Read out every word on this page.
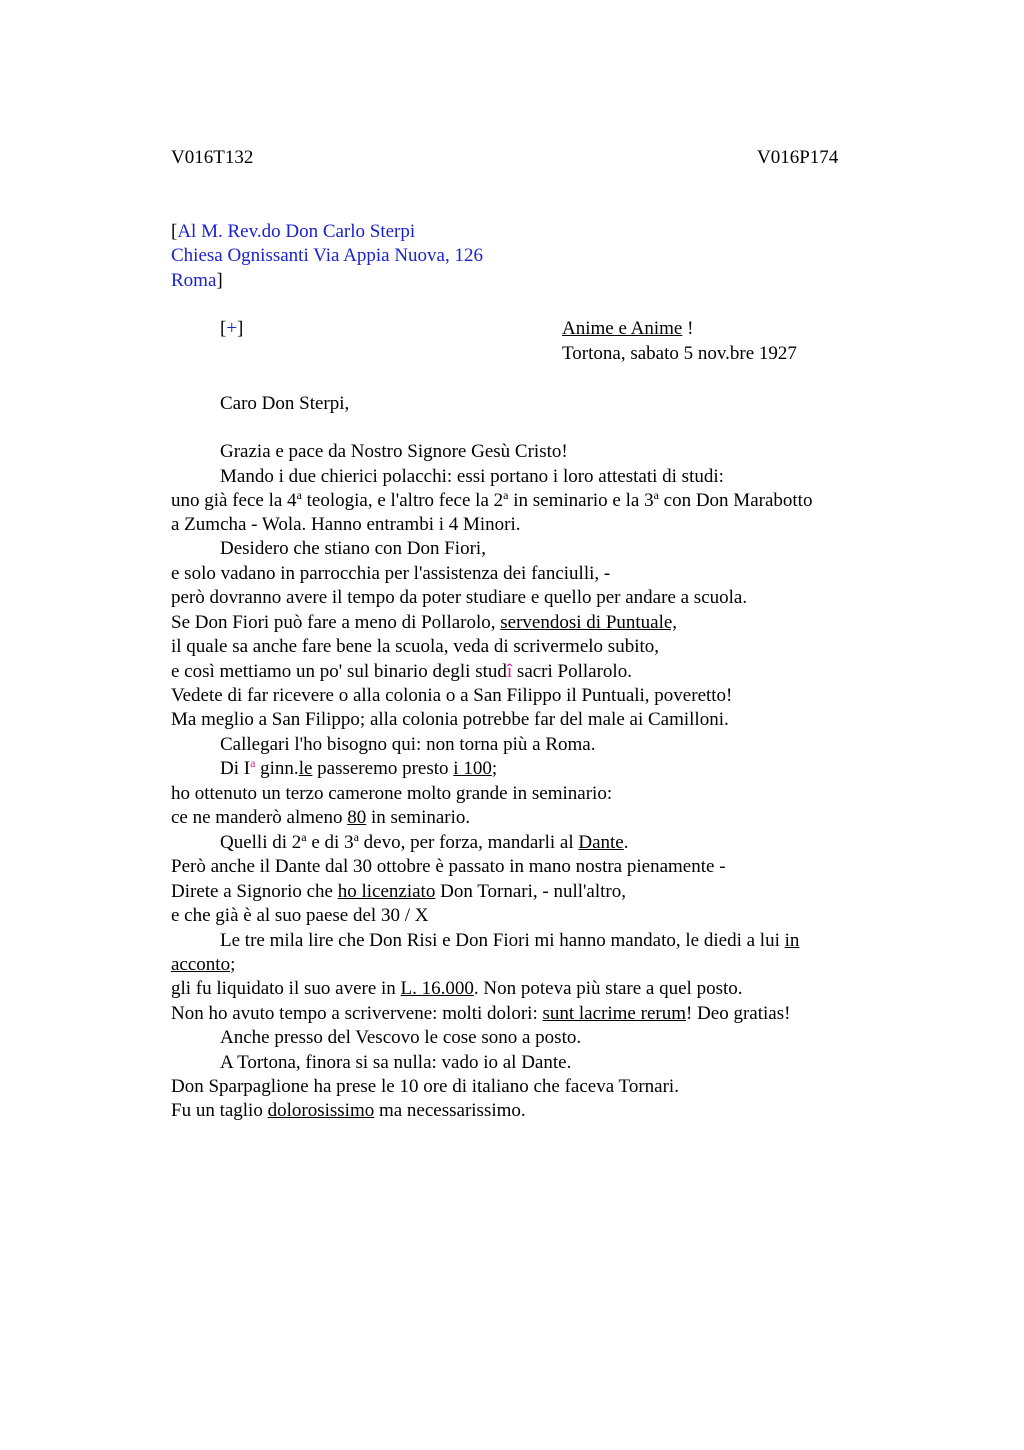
V016T132	V016P174
[Al M. Rev.do Don Carlo Sterpi
Chiesa Ognissanti Via Appia Nuova, 126
Roma]
[+]	Anime e Anime !
Tortona, sabato 5 nov.bre 1927
Caro Don Sterpi,
Grazia e pace da Nostro Signore Gesù Cristo!
Mando i due chierici polacchi: essi portano i loro attestati di studi:
uno già fece la 4$^a$ teologia, e l'altro fece la 2$^a$ in seminario e la 3$^a$ con Don Marabotto
a Zumcha - Wola. Hanno entrambi i 4 Minori.
Desidero che stiano con Don Fiori,
e solo vadano in parrocchia per l'assistenza dei fanciulli, -
però dovranno avere il tempo da poter studiare e quello per andare a scuola.
Se Don Fiori può fare a meno di Pollarolo, servendosi di Puntuale,
il quale sa anche fare bene la scuola, veda di scrivermelo subito,
e così mettiamo un po' sul binario degli studî sacri Pollarolo.
Vedete di far ricevere o alla colonia o a San Filippo il Puntuali, poveretto!
Ma meglio a San Filippo; alla colonia potrebbe far del male ai Camilloni.
Callegari l'ho bisogno qui: non torna più a Roma.
Di $I^a$ ginn.le passeremo presto i 100;
ho ottenuto un terzo camerone molto grande in seminario:
ce ne manderò almeno 80 in seminario.
Quelli di 2$^a$ e di 3$^a$ devo, per forza, mandarli al Dante.
Però anche il Dante dal 30 ottobre è passato in mano nostra pienamente -
Direte a Signorio che ho licenziato Don Tornari, - null'altro,
e che già è al suo paese del 30 / X
Le tre mila lire che Don Risi e Don Fiori mi hanno mandato, le diedi a lui in
acconto;
gli fu liquidato il suo avere in L. 16.000. Non poteva più stare a quel posto.
Non ho avuto tempo a scrivervene: molti dolori: sunt lacrime rerum! Deo gratias!
Anche presso del Vescovo le cose sono a posto.
A Tortona, finora si sa nulla: vado io al Dante.
Don Sparpaglione ha prese le 10 ore di italiano che faceva Tornari.
Fu un taglio dolorosissimo ma necessarissimo.
